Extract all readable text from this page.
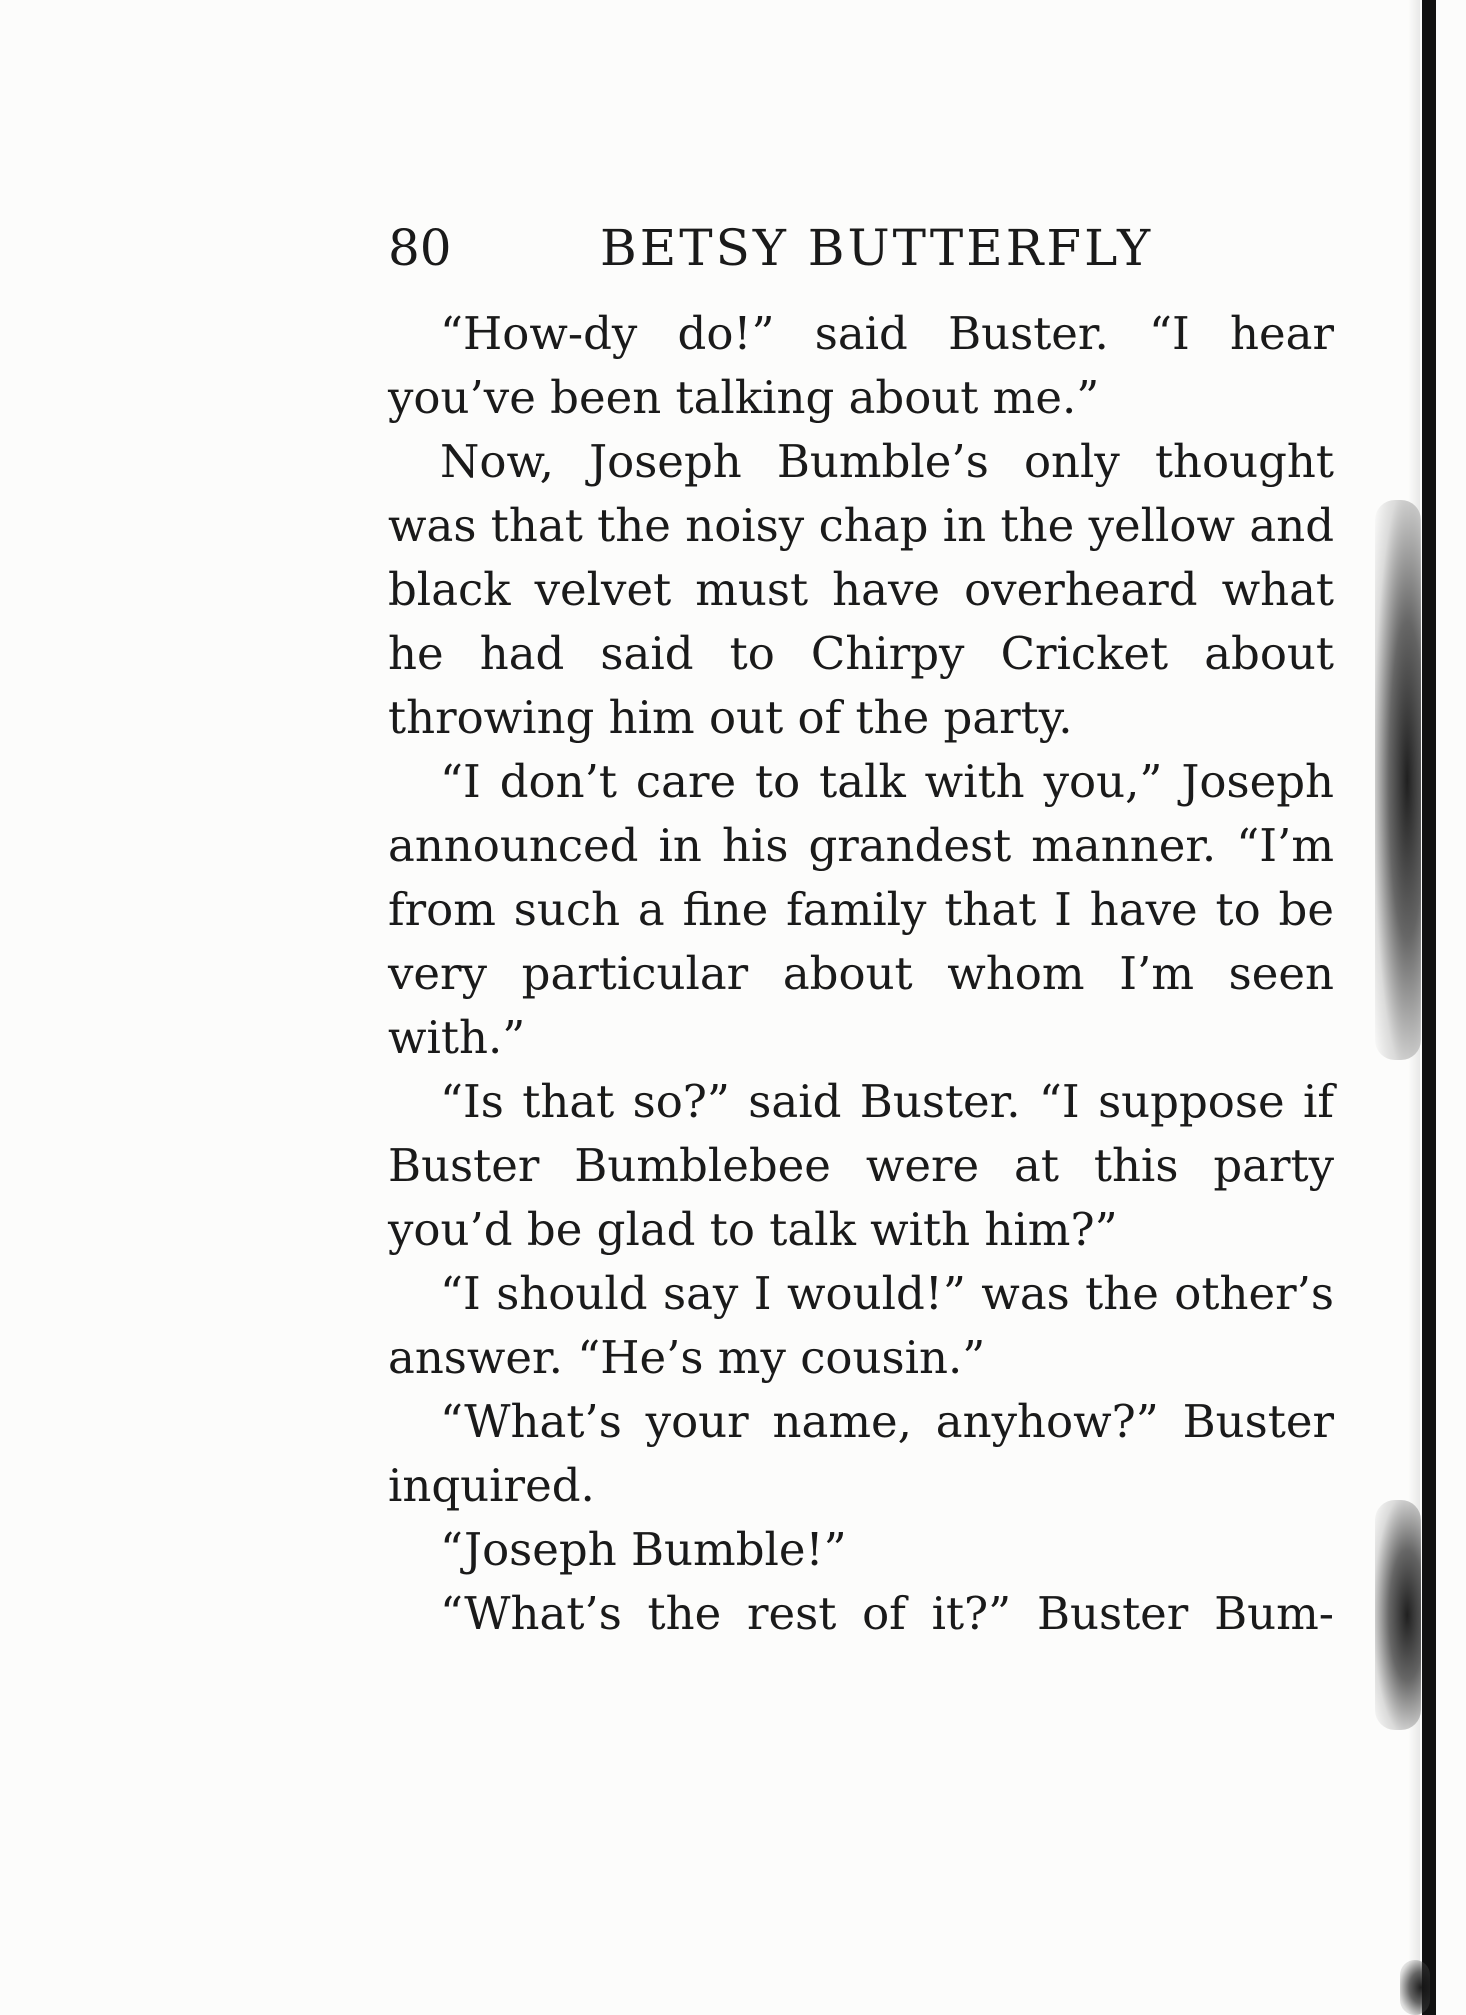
80	BETSY BUTTERFLY

“How-dy do!” said Buster. “I hear you’ve been talking about me.”

Now, Joseph Bumble’s only thought was that the noisy chap in the yellow and black velvet must have overheard what he had said to Chirpy Cricket about throwing him out of the party.

“I don’t care to talk with you,” Joseph announced in his grandest manner. “I’m from such a fine family that I have to be very particular about whom I’m seen with.”

“Is that so?” said Buster. “I suppose if Buster Bumblebee were at this party you’d be glad to talk with him?”

“I should say I would!” was the other’s answer. “He’s my cousin.”

“What’s your name, anyhow?” Buster inquired.

“Joseph Bumble!”

“What’s the rest of it?” Buster Bum-
